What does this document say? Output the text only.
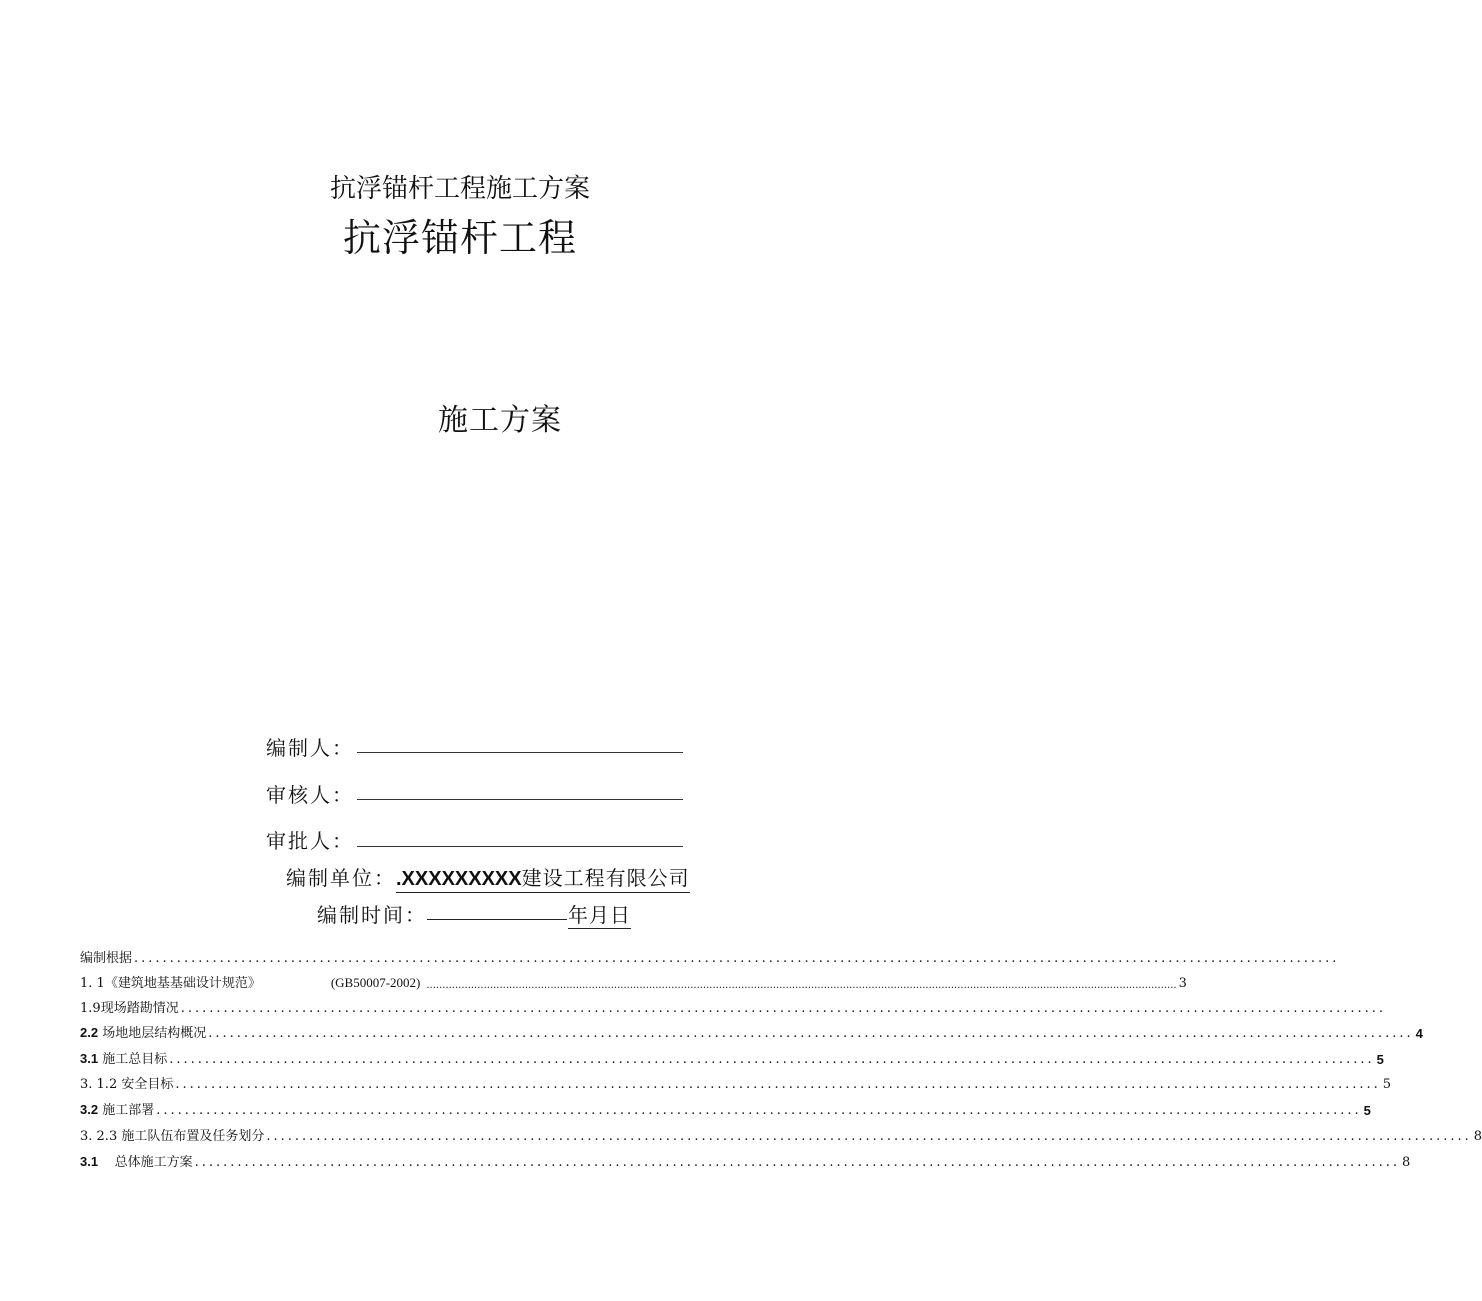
抗浮锚杆工程施工方案
抗浮锚杆工程
施工方案
编制人：
审核人：
审批人：
编制单位： .XXXXXXXXX建设工程有限公司
编制时间：	年月日
编制根据 .........................................................................................................................................................................
1. 1《建筑地基基础设计规范》	(GB50007-2002) ............................................................................................................................................................................................................................................ 3
1.9现场踏勘情况 .........................................................................................................................................................................
2.2 场地地层结构概况 ......................................................................................................................................................................... 4
3.1 施工总目标 ......................................................................................................................................................................... 5
3. 1.2 安全目标 ......................................................................................................................................................................... 5
3.2 施工部署 ......................................................................................................................................................................... 5
3. 2.3 施工队伍布置及任务划分 ......................................................................................................................................................................... 8
3.1 总体施工方案 ......................................................................................................................................................................... 8
